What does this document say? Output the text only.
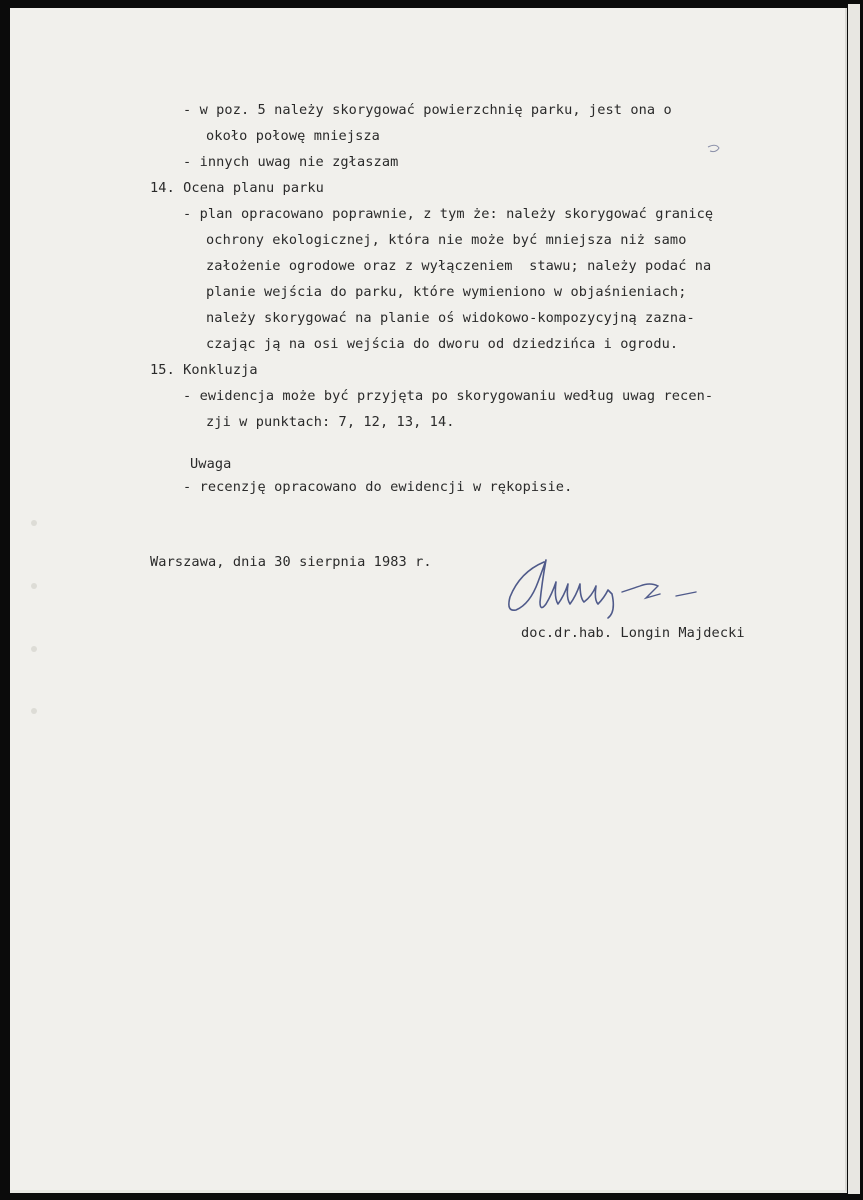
- w poz. 5 należy skorygować powierzchnię parku, jest ona o
około połowę mniejsza
- innych uwag nie zgłaszam
14. Ocena planu parku
- plan opracowano poprawnie, z tym że: należy skorygować granicę
ochrony ekologicznej, która nie może być mniejsza niż samo
założenie ogrodowe oraz z wyłączeniem  stawu; należy podać na
planie wejścia do parku, które wymieniono w objaśnieniach;
należy skorygować na planie oś widokowo-kompozycyjną zazna-
czając ją na osi wejścia do dworu od dziedzińca i ogrodu.
15. Konkluzja
- ewidencja może być przyjęta po skorygowaniu według uwag recen-
zji w punktach: 7, 12, 13, 14.
Uwaga
- recenzję opracowano do ewidencji w rękopisie.
Warszawa, dnia 30 sierpnia 1983 r.
doc.dr.hab. Longin Majdecki
